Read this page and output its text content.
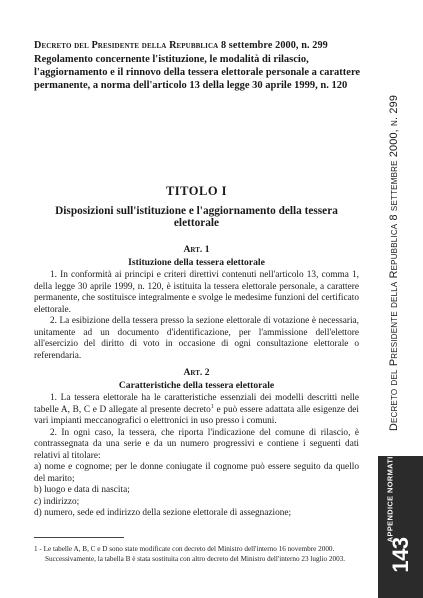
Decreto del Presidente della Repubblica 8 settembre 2000, n. 299

Regolamento concernente l'istituzione, le modalità di rilascio, l'aggiornamento e il rinnovo della tessera elettorale personale a carattere permanente, a norma dell'articolo 13 della legge 30 aprile 1999, n. 120

TITOLO I

Disposizioni sull'istituzione e l'aggiornamento della tessera elettorale

Art. 1

Istituzione della tessera elettorale

1. In conformità ai principi e criteri direttivi contenuti nell'articolo 13, comma 1, della legge 30 aprile 1999, n. 120, è istituita la tessera elettorale personale, a carattere permanente, che sostituisce integralmente e svolge le medesime funzioni del certificato elettorale.

2. La esibizione della tessera presso la sezione elettorale di votazione è necessaria, unitamente ad un documento d'identificazione, per l'ammissione dell'elettore all'esercizio del diritto di voto in occasione di ogni consultazione elettorale o referendaria.

Art. 2

Caratteristiche della tessera elettorale

1. La tessera elettorale ha le caratteristiche essenziali dei modelli descritti nelle tabelle A, B, C e D allegate al presente decreto$^1$ e può essere adattata alle esigenze dei vari impianti meccanografici o elettronici in uso presso i comuni.

2. In ogni caso, la tessera, che riporta l'indicazione del comune di rilascio, è contrassegnata da una serie e da un numero progressivi e contiene i seguenti dati relativi al titolare:

a) nome e cognome; per le donne coniugate il cognome può essere seguito da quello del marito;

b) luogo e data di nascita;

c) indirizzo;

d) numero, sede ed indirizzo della sezione elettorale di assegnazione;

1 - Le tabelle A, B, C e D sono state modificate con decreto del Ministro dell'interno 16 novembre 2000.
Successivamente, la tabella B è stata sostituita con altro decreto del Ministro dell'interno 23 luglio 2003.

Decreto del Presidente della Repubblica 8 settembre 2000, n. 299
APPENDICE NORMATIVA
143
